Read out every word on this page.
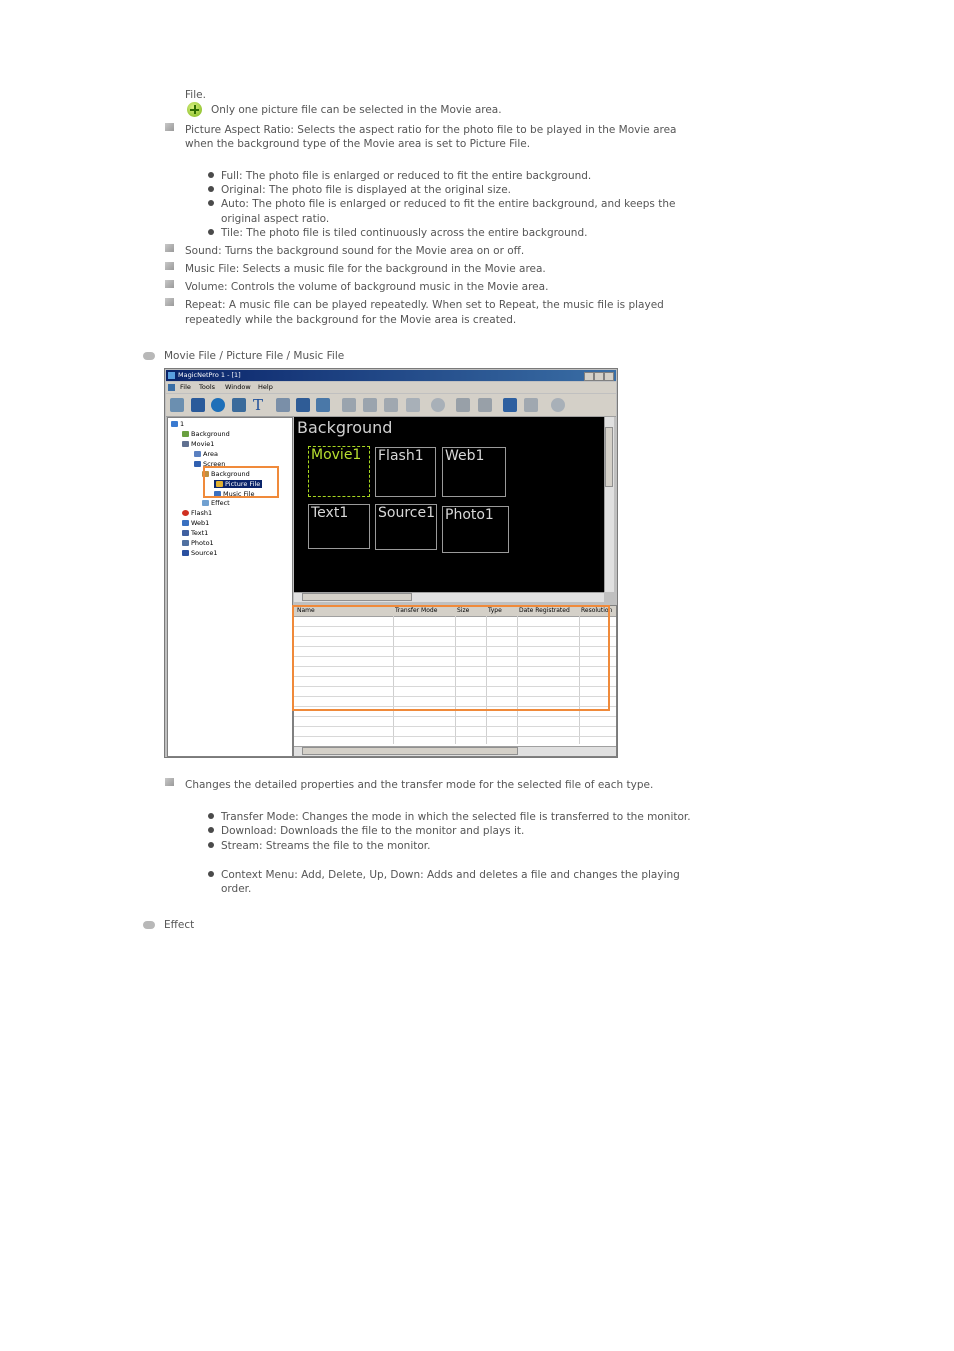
File.
Only one picture file can be selected in the Movie area.
Picture Aspect Ratio: Selects the aspect ratio for the photo file to be played in the Movie area
when the background type of the Movie area is set to Picture File.
Full: The photo file is enlarged or reduced to fit the entire background.
Original: The photo file is displayed at the original size.
Auto: The photo file is enlarged or reduced to fit the entire background, and keeps the
original aspect ratio.
Tile: The photo file is tiled continuously across the entire background.
Sound: Turns the background sound for the Movie area on or off.
Music File: Selects a music file for the background in the Movie area.
Volume: Controls the volume of background music in the Movie area.
Repeat: A music file can be played repeatedly. When set to Repeat, the music file is played
repeatedly while the background for the Movie area is created.
Movie File / Picture File / Music File
MagicNetPro 1 - [1]
File Tools Window Help
T
1
Background
Movie1
Area
Screen
Background
Picture File
Music File
Effect
Flash1
Web1
Text1
Photo1
Source1
Background
Movie1	Flash1	Web1
Text1	Source1 Photo1
Name	Transfer Mode	Size	Type	Date Registrated Resolution
Changes the detailed properties and the transfer mode for the selected file of each type.
Transfer Mode: Changes the mode in which the selected file is transferred to the monitor.
Download: Downloads the file to the monitor and plays it.
Stream: Streams the file to the monitor.
Context Menu: Add, Delete, Up, Down: Adds and deletes a file and changes the playing
order.
Effect
